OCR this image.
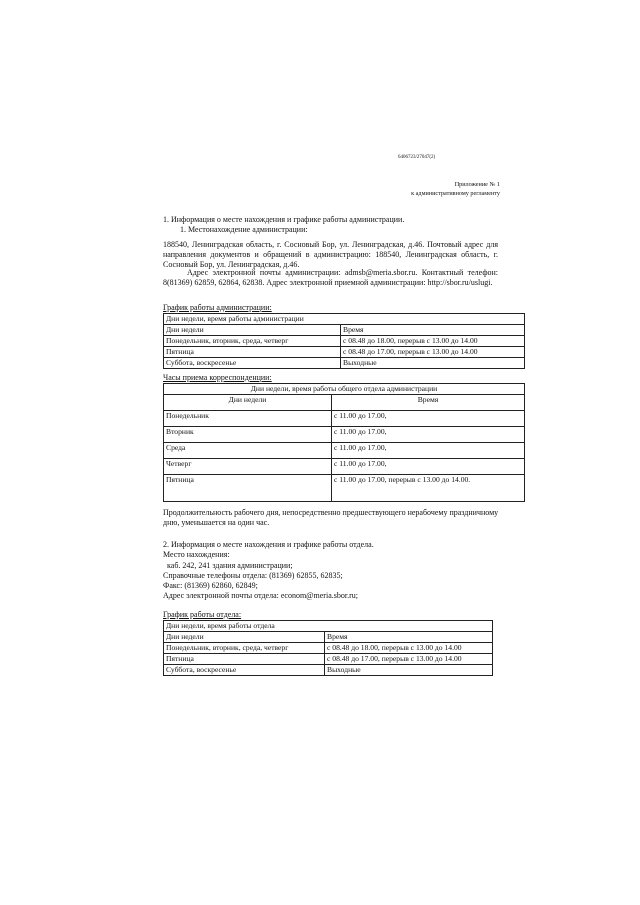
6406723/27047(2)
Приложение № 1
к административному регламенту
1. Информация о месте нахождения и графике работы администрации.
1. Местонахождение администрации:
188540, Ленинградская область, г. Сосновый Бор, ул. Ленинградская, д.46. Почтовый адрес для направления документов и обращений в администрацию: 188540, Ленинградская область, г. Сосновый Бор, ул. Ленинградская, д.46.
Адрес электронной почты администрации: admsb@meria.sbor.ru. Контактный телефон: 8(81369) 62859, 62864, 62838. Адрес электронной приемной администрации: http://sbor.ru/uslugi.
График работы администрации:
Дни недели, время работы администрации	
Дни недели	Время
Понедельник, вторник, среда, четверг	с 08.48 до 18.00, перерыв с 13.00 до 14.00
Пятница	с 08.48 до 17.00, перерыв с 13.00 до 14.00
Суббота, воскресенье	Выходные
Часы приема корреспонденции:
Дни недели, время работы общего отдела администрации	
Дни недели	Время
Понедельник	с 11.00 до 17.00,
Вторник	с 11.00 до 17.00,
Среда	с 11.00 до 17.00,
Четверг	с 11.00 до 17.00,
Пятница	с 11.00 до 17.00, перерыв с 13.00 до 14.00.
Продолжительность рабочего дня, непосредственно предшествующего нерабочему праздничному дню, уменьшается на один час.
2. Информация о месте нахождения и графике работы отдела.
Место нахождения:
каб. 242, 241 здания администрации;
Справочные телефоны отдела: (81369) 62855, 62835;
Факс: (81369) 62860, 62849;
Адрес электронной почты отдела: econom@meria.sbor.ru;
График работы отдела:
Дни недели, время работы отдела	
Дни недели	Время
Понедельник, вторник, среда, четверг	с 08.48 до 18.00, перерыв с 13.00 до 14.00
Пятница	с 08.48 до 17.00, перерыв с 13.00 до 14.00
Суббота, воскресенье	Выходные
